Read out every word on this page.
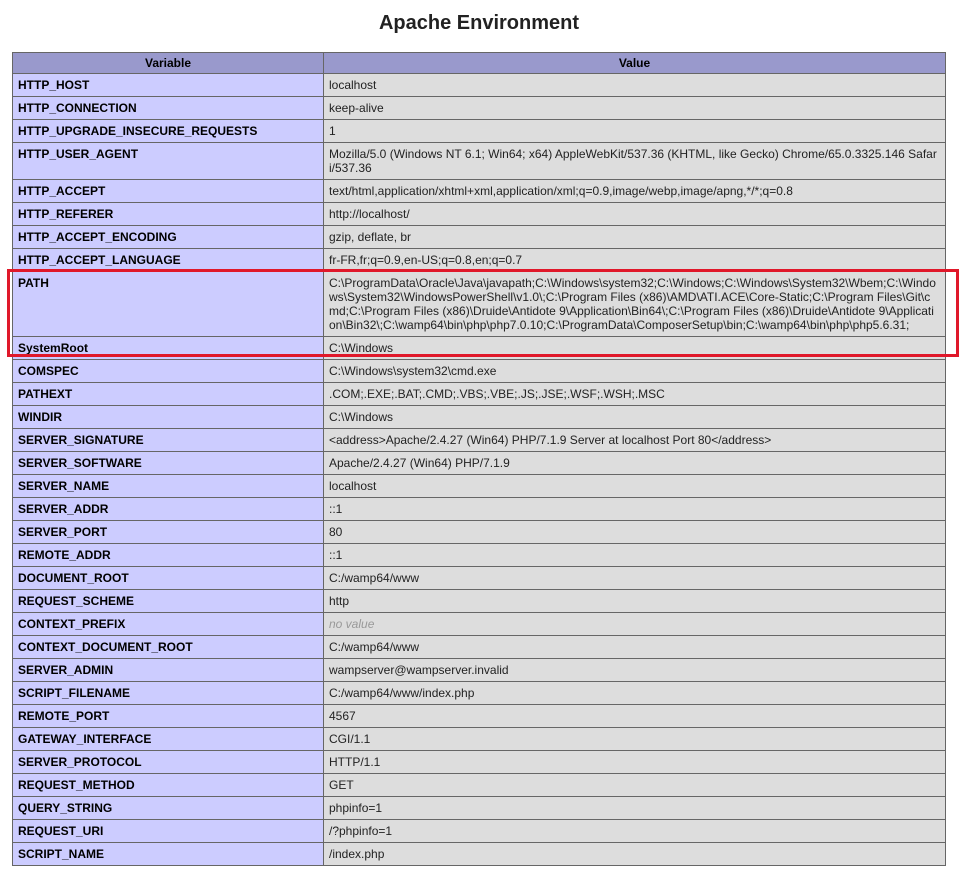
Apache Environment
Variable	Value
HTTP_HOST	localhost
HTTP_CONNECTION	keep-alive
HTTP_UPGRADE_INSECURE_REQUESTS	1
HTTP_USER_AGENT	Mozilla/5.0 (Windows NT 6.1; Win64; x64) AppleWebKit/537.36 (KHTML, like Gecko) Chrome/65.0.3325.146 Safari/537.36
HTTP_ACCEPT	text/html,application/xhtml+xml,application/xml;q=0.9,image/webp,image/apng,*/*;q=0.8
HTTP_REFERER	http://localhost/
HTTP_ACCEPT_ENCODING	gzip, deflate, br
HTTP_ACCEPT_LANGUAGE	fr-FR,fr;q=0.9,en-US;q=0.8,en;q=0.7
PATH	C:\ProgramData\Oracle\Java\javapath;C:\Windows\system32;C:\Windows;C:\Windows\System32\Wbem;C:\Windows\System32\WindowsPowerShell\v1.0\;C:\Program Files (x86)\AMD\ATI.ACE\Core-Static;C:\Program Files\Git\cmd;C:\Program Files (x86)\Druide\Antidote 9\Application\Bin64\;C:\Program Files (x86)\Druide\Antidote 9\Application\Bin32\;C:\wamp64\bin\php\php7.0.10;C:\ProgramData\ComposerSetup\bin;C:\wamp64\bin\php\php5.6.31;
SystemRoot	C:\Windows
COMSPEC	C:\Windows\system32\cmd.exe
PATHEXT	.COM;.EXE;.BAT;.CMD;.VBS;.VBE;.JS;.JSE;.WSF;.WSH;.MSC
WINDIR	C:\Windows
SERVER_SIGNATURE	<address>Apache/2.4.27 (Win64) PHP/7.1.9 Server at localhost Port 80</address>
SERVER_SOFTWARE	Apache/2.4.27 (Win64) PHP/7.1.9
SERVER_NAME	localhost
SERVER_ADDR	::1
SERVER_PORT	80
REMOTE_ADDR	::1
DOCUMENT_ROOT	C:/wamp64/www
REQUEST_SCHEME	http
CONTEXT_PREFIX	no value
CONTEXT_DOCUMENT_ROOT	C:/wamp64/www
SERVER_ADMIN	wampserver@wampserver.invalid
SCRIPT_FILENAME	C:/wamp64/www/index.php
REMOTE_PORT	4567
GATEWAY_INTERFACE	CGI/1.1
SERVER_PROTOCOL	HTTP/1.1
REQUEST_METHOD	GET
QUERY_STRING	phpinfo=1
REQUEST_URI	/?phpinfo=1
SCRIPT_NAME	/index.php
